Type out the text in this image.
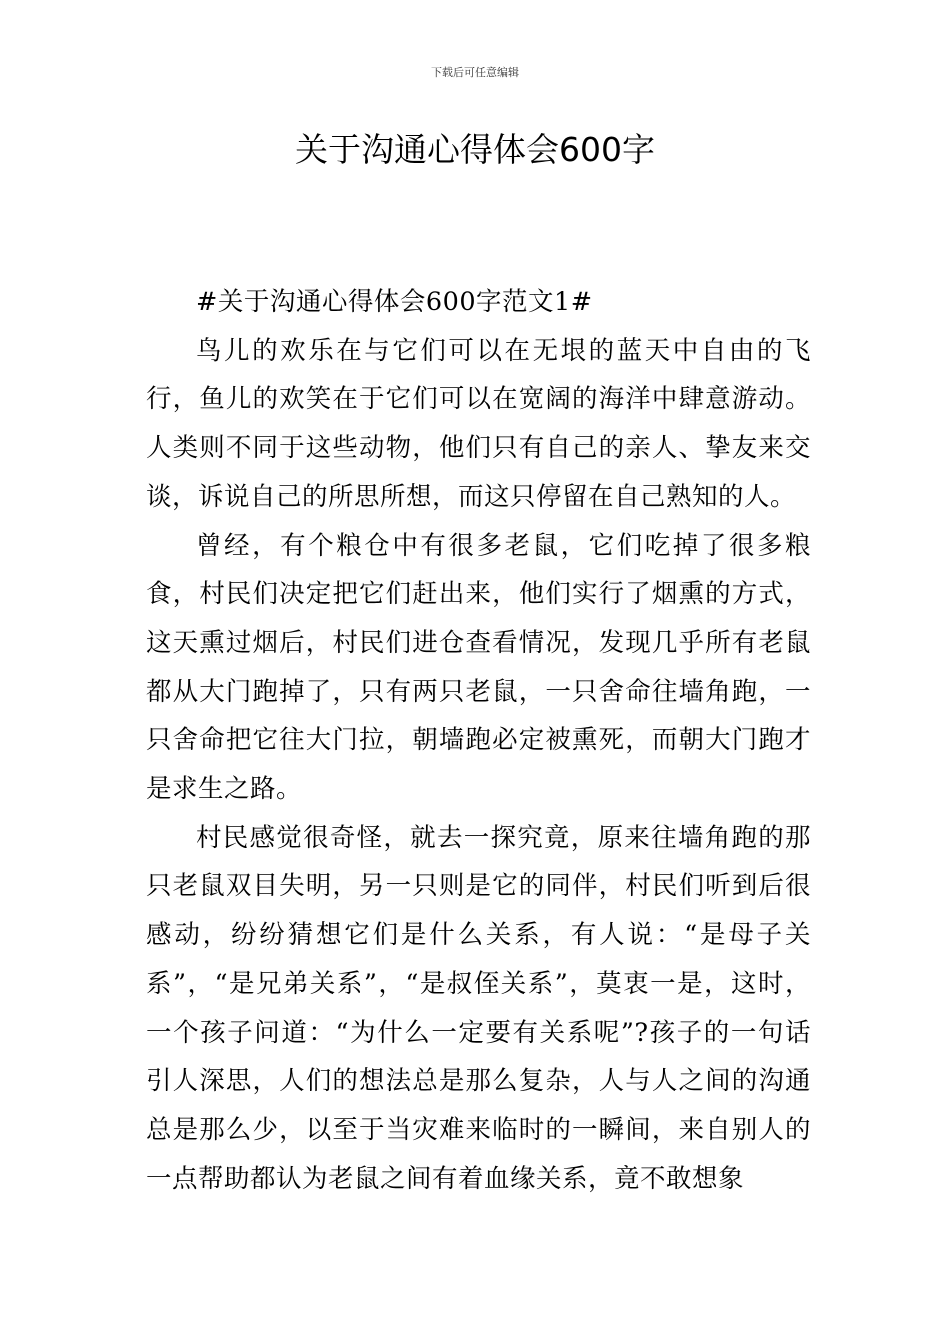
下载后可任意编辑
关于沟通心得体会600字

#关于沟通心得体会600字范文1#

鸟儿的欢乐在与它们可以在无垠的蓝天中自由的飞行，鱼儿的欢笑在于它们可以在宽阔的海洋中肆意游动。人类则不同于这些动物，他们只有自己的亲人、挚友来交谈，诉说自己的所思所想，而这只停留在自己熟知的人。

曾经，有个粮仓中有很多老鼠，它们吃掉了很多粮食，村民们决定把它们赶出来，他们实行了烟熏的方式，这天熏过烟后，村民们进仓查看情况，发现几乎所有老鼠都从大门跑掉了，只有两只老鼠，一只舍命往墙角跑，一只舍命把它往大门拉，朝墙跑必定被熏死，而朝大门跑才是求生之路。

村民感觉很奇怪，就去一探究竟，原来往墙角跑的那只老鼠双目失明，另一只则是它的同伴，村民们听到后很感动，纷纷猜想它们是什么关系，有人说：“是母子关系”，“是兄弟关系”，“是叔侄关系”，莫衷一是，这时，一个孩子问道：“为什么一定要有关系呢”?孩子的一句话引人深思，人们的想法总是那么复杂，人与人之间的沟通总是那么少，以至于当灾难来临时的一瞬间，来自别人的一点帮助都认为老鼠之间有着血缘关系，竟不敢想象
